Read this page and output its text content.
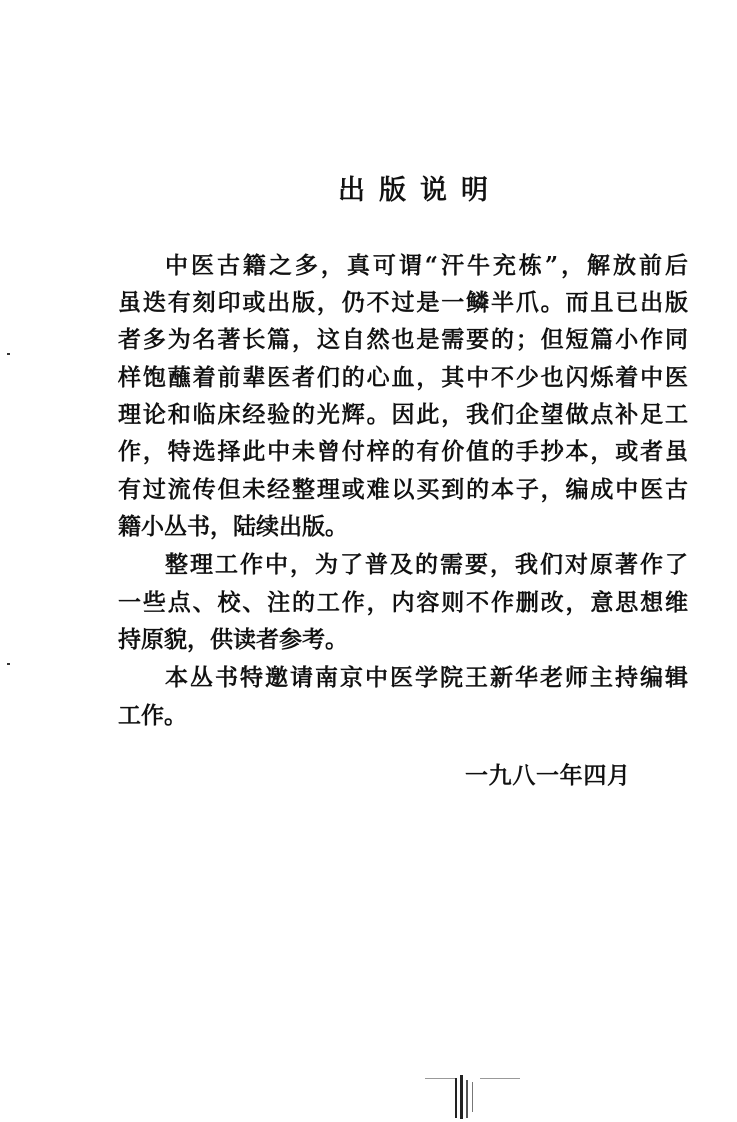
出版说明
中医古籍之多，真可谓“汗牛充栋”，解放前后
虽迭有刻印或出版，仍不过是一鳞半爪。而且已出版
者多为名著长篇，这自然也是需要的；但短篇小作同
样饱蘸着前辈医者们的心血，其中不少也闪烁着中医
理论和临床经验的光辉。因此，我们企望做点补足工
作，特选择此中未曾付梓的有价值的手抄本，或者虽
有过流传但未经整理或难以买到的本子，编成中医古
籍小丛书，陆续出版。
整理工作中，为了普及的需要，我们对原著作了
一些点、校、注的工作，内容则不作删改，意思想维
持原貌，供读者参考。
本丛书特邀请南京中医学院王新华老师主持编辑
工作。
一九八一年四月
